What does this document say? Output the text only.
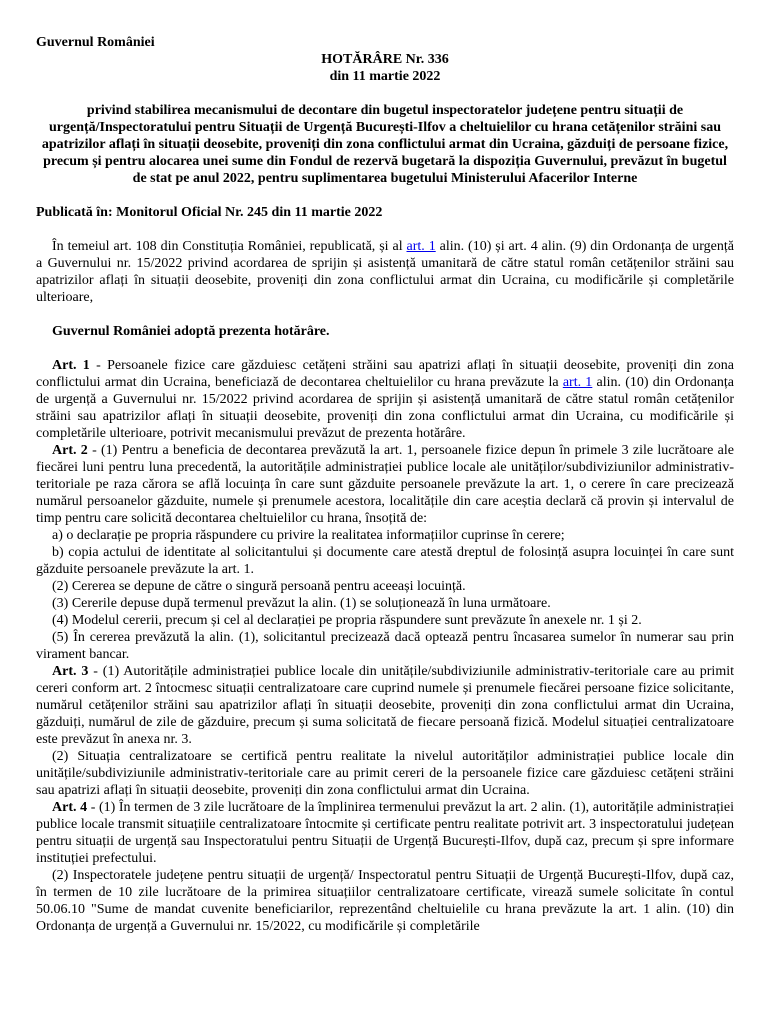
Guvernul României

HOTĂRÂRE Nr. 336

din 11 martie 2022

privind stabilirea mecanismului de decontare din bugetul inspectoratelor județene pentru situații de urgență/Inspectoratului pentru Situații de Urgență București-Ilfov a cheltuielilor cu hrana cetățenilor străini sau apatrizilor aflați în situații deosebite, proveniți din zona conflictului armat din Ucraina, găzduiți de persoane fizice, precum și pentru alocarea unei sume din Fondul de rezervă bugetară la dispoziția Guvernului, prevăzut în bugetul de stat pe anul 2022, pentru suplimentarea bugetului Ministerului Afacerilor Interne

Publicată în: Monitorul Oficial Nr. 245 din 11 martie 2022

În temeiul art. 108 din Constituția României, republicată, și al art. 1 alin. (10) și art. 4 alin. (9) din Ordonanța de urgență a Guvernului nr. 15/2022 privind acordarea de sprijin și asistență umanitară de către statul român cetățenilor străini sau apatrizilor aflați în situații deosebite, proveniți din zona conflictului armat din Ucraina, cu modificările și completările ulterioare,

Guvernul României adoptă prezenta hotărâre.

Art. 1 - Persoanele fizice care găzduiesc cetățeni străini sau apatrizi aflați în situații deosebite, proveniți din zona conflictului armat din Ucraina, beneficiază de decontarea cheltuielilor cu hrana prevăzute la art. 1 alin. (10) din Ordonanța de urgență a Guvernului nr. 15/2022 privind acordarea de sprijin și asistență umanitară de către statul român cetățenilor străini sau apatrizilor aflați în situații deosebite, proveniți din zona conflictului armat din Ucraina, cu modificările și completările ulterioare, potrivit mecanismului prevăzut de prezenta hotărâre.

Art. 2 - (1) Pentru a beneficia de decontarea prevăzută la art. 1, persoanele fizice depun în primele 3 zile lucrătoare ale fiecărei luni pentru luna precedentă, la autoritățile administrației publice locale ale unităților/subdiviziunilor administrativ-teritoriale pe raza cărora se află locuința în care sunt găzduite persoanele prevăzute la art. 1, o cerere în care precizează numărul persoanelor găzduite, numele și prenumele acestora, localitățile din care aceștia declară că provin și intervalul de timp pentru care solicită decontarea cheltuielilor cu hrana, însoțită de:

a) o declarație pe propria răspundere cu privire la realitatea informațiilor cuprinse în cerere;

b) copia actului de identitate al solicitantului și documente care atestă dreptul de folosință asupra locuinței în care sunt găzduite persoanele prevăzute la art. 1.

(2) Cererea se depune de către o singură persoană pentru aceeași locuință.

(3) Cererile depuse după termenul prevăzut la alin. (1) se soluționează în luna următoare.

(4) Modelul cererii, precum și cel al declarației pe propria răspundere sunt prevăzute în anexele nr. 1 și 2.

(5) În cererea prevăzută la alin. (1), solicitantul precizează dacă optează pentru încasarea sumelor în numerar sau prin virament bancar.

Art. 3 - (1) Autoritățile administrației publice locale din unitățile/subdiviziunile administrativ-teritoriale care au primit cereri conform art. 2 întocmesc situații centralizatoare care cuprind numele și prenumele fiecărei persoane fizice solicitante, numărul cetățenilor străini sau apatrizilor aflați în situații deosebite, proveniți din zona conflictului armat din Ucraina, găzduiți, numărul de zile de găzduire, precum și suma solicitată de fiecare persoană fizică. Modelul situației centralizatoare este prevăzut în anexa nr. 3.

(2) Situația centralizatoare se certifică pentru realitate la nivelul autorităților administrației publice locale din unitățile/subdiviziunile administrativ-teritoriale care au primit cereri de la persoanele fizice care găzduiesc cetățeni străini sau apatrizi aflați în situații deosebite, proveniți din zona conflictului armat din Ucraina.

Art. 4 - (1) În termen de 3 zile lucrătoare de la împlinirea termenului prevăzut la art. 2 alin. (1), autoritățile administrației publice locale transmit situațiile centralizatoare întocmite și certificate pentru realitate potrivit art. 3 inspectoratului județean pentru situații de urgență sau Inspectoratului pentru Situații de Urgență București-Ilfov, după caz, precum și spre informare instituției prefectului.

(2) Inspectoratele județene pentru situații de urgență/ Inspectoratul pentru Situații de Urgență București-Ilfov, după caz, în termen de 10 zile lucrătoare de la primirea situațiilor centralizatoare certificate, virează sumele solicitate în contul 50.06.10 "Sume de mandat cuvenite beneficiarilor, reprezentând cheltuielile cu hrana prevăzute la art. 1 alin. (10) din Ordonanța de urgență a Guvernului nr. 15/2022, cu modificările și completările
